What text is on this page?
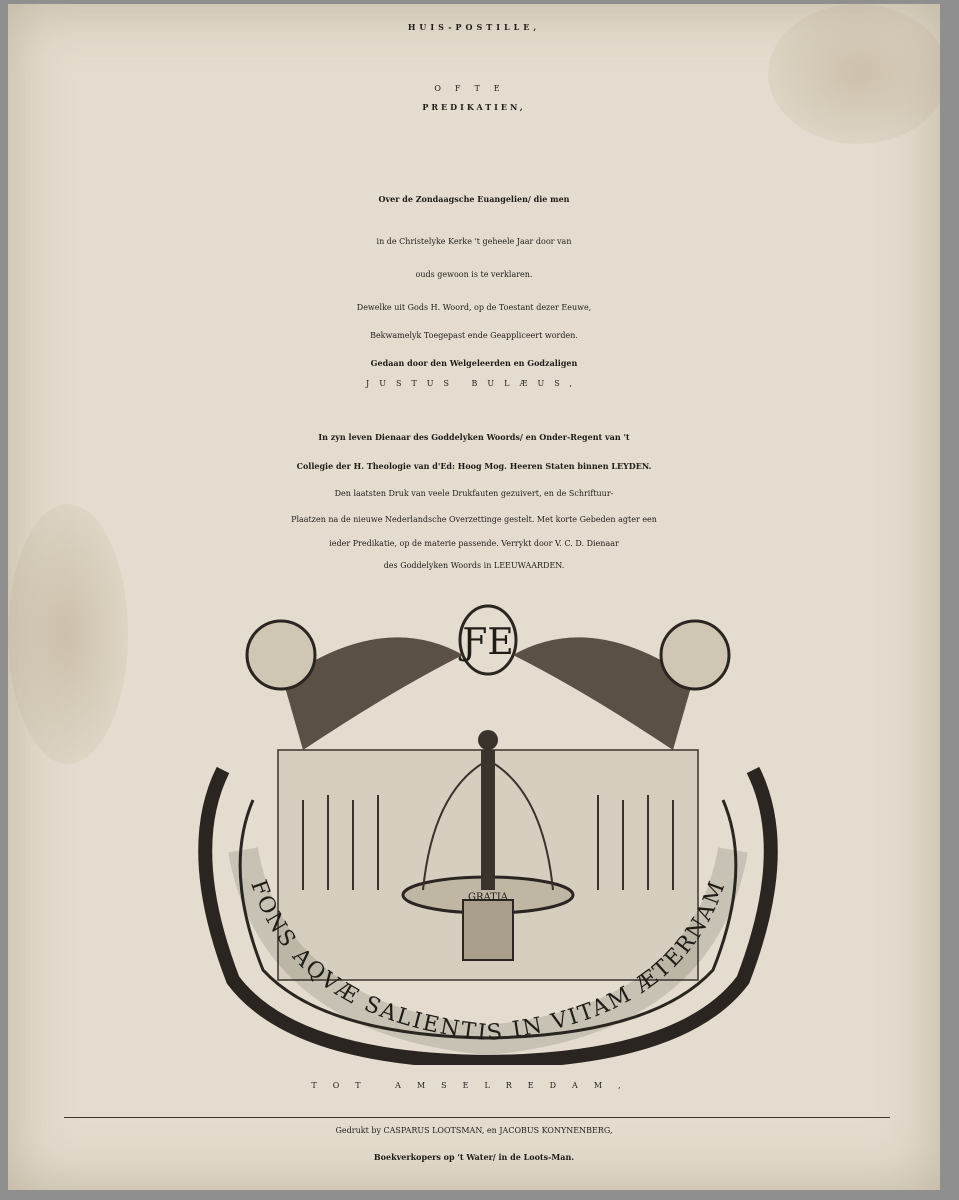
HUIS-POSTILLE,
OFTE
PREDIKATIEN,
Over de Zondaagsche Euangelien/ die men
in de Christelyke Kerke 't geheele Jaar door van
ouds gewoon is te verklaren.
Dewelke uit Gods H. Woord, op de Toestant dezer Eeuwe,
Bekwamelyk Toegepast ende Geappliceert worden.
Gedaan door den Welgeleerden en Godzaligen
JUSTUS BULÆUS,
In zyn leven Dienaar des Goddelyken Woords/ en Onder-Regent van 't
Collegie der H. Theologie van d'Ed: Hoog Mog. Heeren Staten binnen LEYDEN.
Den laatsten Druk van veele Drukfauten gezuivert, en de Schriftuur-
Plaatzen na de nieuwe Nederlandsche Overzettinge gestelt. Met korte Gebeden agter een
ieder Predikatie, op de materie passende. Verrykt door V. C. D. Dienaar
des Goddelyken Woords in LEEUWAARDEN.
GRATIA
ƑE
FONS AQVÆ SALIENTIS IN VITAM ÆTERNAM
TOT AMSELREDAM,
Gedrukt by CASPARUS LOOTSMAN, en JACOBUS KONYNENBERG,
Boekverkopers op 't Water/ in de Loots-Man.
